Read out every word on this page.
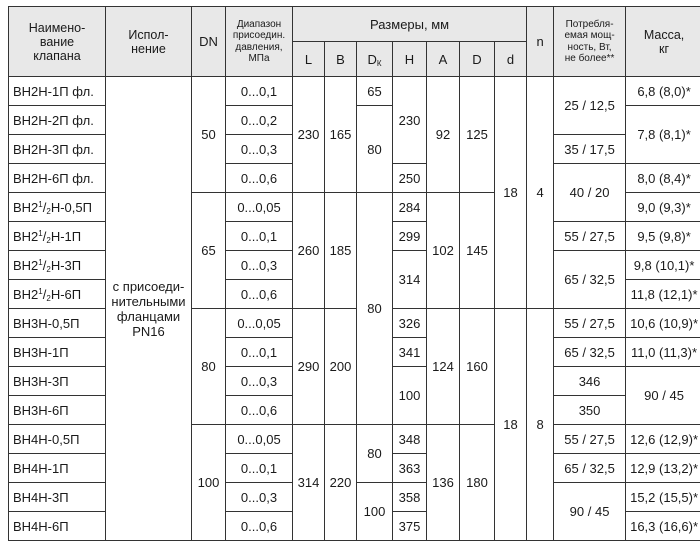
Наимено-
вание
клапана	Испол-
нение	DN	Диапазон
присоедин.
давления,
МПа	Размеры, мм							n	Потребля-
емая мощ-
ность, Вт,
не более**	Масса,
кг	
				L	B	$D_К$	H	A	D	d				
ВН2Н-1П фл.	с присоеди-
нительными
фланцами
PN16	50	0...0,1	230	165	65	230	92	125	18	4	25 / 12,5	6,8 (8,0)*	
ВН2Н-2П фл.			0...0,2			80							7,8 (8,1)*	
ВН2Н-3П фл.			0...0,3									35 / 17,5		
ВН2Н-6П фл.			0...0,6				250					40 / 20	8,0 (8,4)*	
$ВН2^1/_2Н-0,5П$		65	0...0,05	260	185	80	284	102	145				9,0 (9,3)*	
$ВН2^1/_2Н-1П$			0...0,1				299					55 / 27,5	9,5 (9,8)*	
$ВН2^1/_2Н-3П$			0...0,3				314					65 / 32,5	9,8 (10,1)*	
$ВН2^1/_2Н-6П$			0...0,6										11,8 (12,1)*	
ВН3Н-0,5П		80	0...0,05	290	200		326	124	160	18	8	55 / 27,5	10,6 (10,9)*	
ВН3Н-1П			0...0,1				341					65 / 32,5	11,0 (11,3)*	
ВН3Н-3П			0...0,3				100					346	90 / 45	
ВН3Н-6П			0...0,6									350	
ВН4Н-0,5П		100	0...0,05	314	220	80	348	136	180			55 / 27,5	12,6 (12,9)*	
ВН4Н-1П			0...0,1				363					65 / 32,5	12,9 (13,2)*	
ВН4Н-3П			0...0,3			100	358					90 / 45	15,2 (15,5)*	
ВН4Н-6П			0...0,6				375						16,3 (16,6)*	
